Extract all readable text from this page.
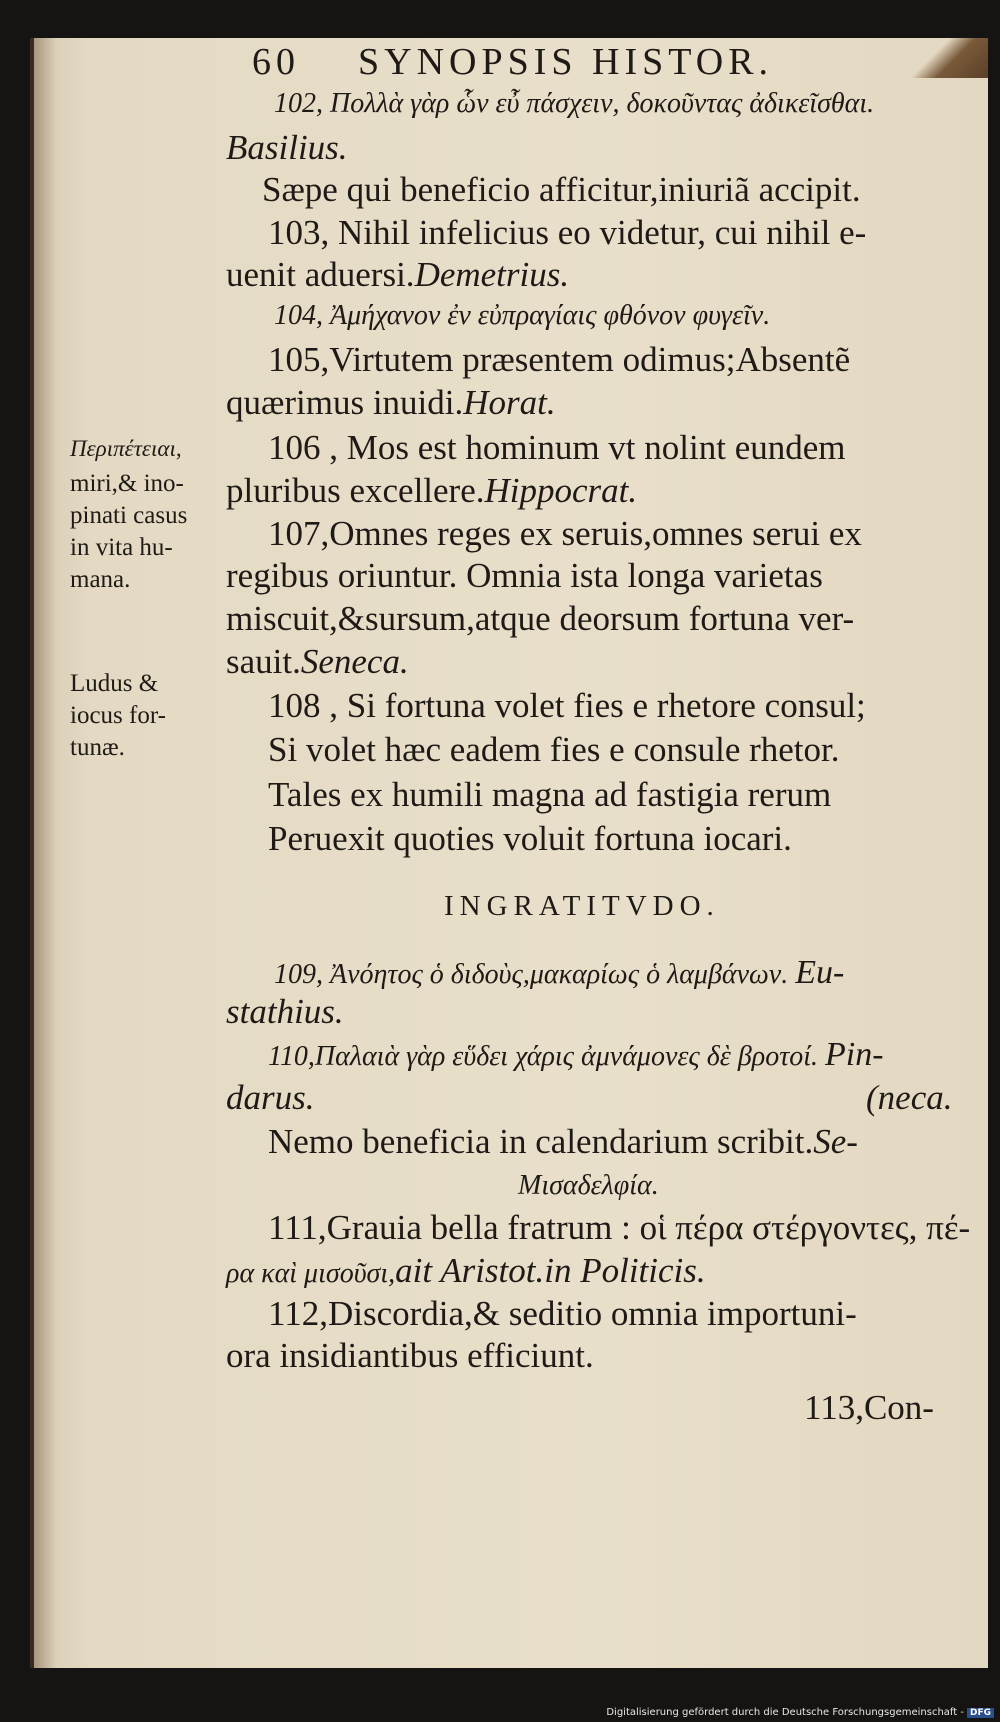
60 SYNOPSIS HISTOR.
102, Πολλὰ γὰρ ὧν εὖ πάσχειν, δοκοῦντας ἀδικεῖσθαι.
Basilius.
Sæpe qui beneficio afficitur,iniuriã accipit.
103, Nihil infelicius eo videtur, cui nihil e-
uenit aduersi.Demetrius.
104, Ἀμήχανον ἐν εὐπραγίαις φθόνον φυγεῖν.
105,Virtutem præsentem odimus;Absentẽ
quærimus inuidi.Horat.
106 , Mos est hominum vt nolint eundem
pluribus excellere.Hippocrat.
107,Omnes reges ex seruis,omnes serui ex
regibus oriuntur. Omnia ista longa varietas
miscuit,&sursum,atque deorsum fortuna ver-
sauit.Seneca.
108 , Si fortuna volet fies e rhetore consul;
Si volet hæc eadem fies e consule rhetor.
Tales ex humili magna ad fastigia rerum
Peruexit quoties voluit fortuna iocari.
INGRATITVDO.
109, Ἀνόητος ὁ διδοὺς,μακαρίως ὁ λαμβάνων. Eu-
stathius.
110,Παλαιὰ γὰρ εὕδει χάρις ἀμνάμονες δὲ βροτοί. Pin-
darus.	(neca.
Nemo beneficia in calendarium scribit.Se-
Μισαδελφία.
111,Grauia bella fratrum : οἱ πέρα στέργοντες, πέ-
ρα καὶ μισοῦσι,ait Aristot.in Politicis.
112,Discordia,& seditio omnia importuni-
ora insidiantibus efficiunt.
113,Con-
Περιπέτειαι,
miri,& ino-
pinati casus
in vita hu-
mana.
Ludus &
iocus for-
tunæ.
Digitalisierung gefördert durch die Deutsche Forschungsgemeinschaft - DFG
